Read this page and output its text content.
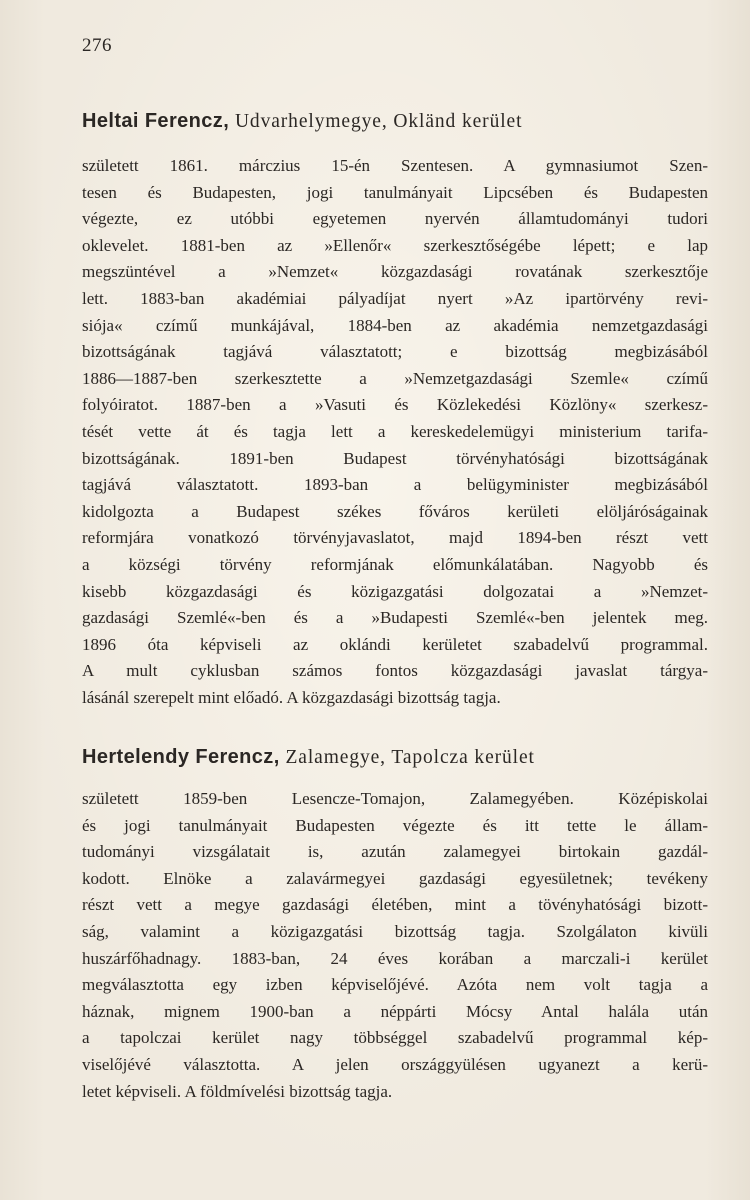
276
Heltai Ferencz, Udvarhelymegye, Okländ kerület
született 1861. márczius 15-én Szentesen. A gymnasiumot Szen-
tesen és Budapesten, jogi tanulmányait Lipcsében és Budapesten
végezte, ez utóbbi egyetemen nyervén államtudományi tudori
oklevelet. 1881-ben az »Ellenőr« szerkesztőségébe lépett; e lap
megszüntével a »Nemzet« közgazdasági rovatának szerkesztője
lett. 1883-ban akadémiai pályadíjat nyert »Az ipartörvény revi-
siója« czímű munkájával, 1884-ben az akadémia nemzetgazdasági
bizottságának tagjává választatott; e bizottság megbizásából
1886—1887-ben szerkesztette a »Nemzetgazdasági Szemle« czímű
folyóiratot. 1887-ben a »Vasuti és Közlekedési Közlöny« szerkesz-
tését vette át és tagja lett a kereskedelemügyi ministerium tarifa-
bizottságának. 1891-ben Budapest törvényhatósági bizottságának
tagjává választatott. 1893-ban a belügyminister megbizásából
kidolgozta a Budapest székes főváros kerületi elöljáróságainak
reformjára vonatkozó törvényjavaslatot, majd 1894-ben részt vett
a községi törvény reformjának előmunkálatában. Nagyobb és
kisebb közgazdasági és közigazgatási dolgozatai a »Nemzet-
gazdasági Szemlé«-ben és a »Budapesti Szemlé«-ben jelentek meg.
1896 óta képviseli az oklándi kerületet szabadelvű programmal.
A mult cyklusban számos fontos közgazdasági javaslat tárgya-
lásánál szerepelt mint előadó. A közgazdasági bizottság tagja.
Hertelendy Ferencz, Zalamegye, Tapolcza kerület
született 1859-ben Lesencze-Tomajon, Zalamegyében. Középiskolai
és jogi tanulmányait Budapesten végezte és itt tette le állam-
tudományi vizsgálatait is, azután zalamegyei birtokain gazdál-
kodott. Elnöke a zalavármegyei gazdasági egyesületnek; tevékeny
részt vett a megye gazdasági életében, mint a tövényhatósági bizott-
ság, valamint a közigazgatási bizottság tagja. Szolgálaton kivüli
huszárfőhadnagy. 1883-ban, 24 éves korában a marczali-i kerület
megválasztotta egy izben képviselőjévé. Azóta nem volt tagja a
háznak, mignem 1900-ban a néppárti Mócsy Antal halála után
a tapolczai kerület nagy többséggel szabadelvű programmal kép-
viselőjévé választotta. A jelen országgyülésen ugyanezt a kerü-
letet képviseli. A földmívelési bizottság tagja.
